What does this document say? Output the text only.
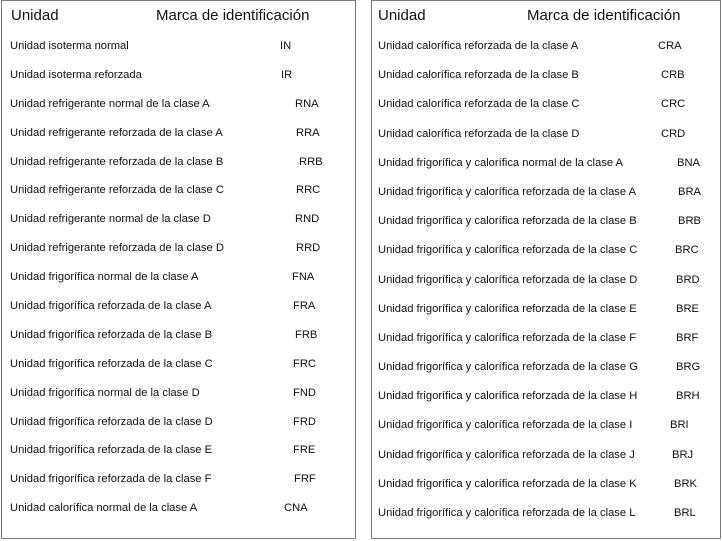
Unidad	Marca de identificación
Unidad isoterma normal	IN
Unidad isoterma reforzada	IR
Unidad refrigerante normal de la clase A	RNA
Unidad refrigerante reforzada de la clase A	RRA
Unidad refrigerante reforzada de la clase B	RRB
Unidad refrigerante reforzada de la clase C	RRC
Unidad refrigerante normal de la clase D	RND
Unidad refrigerante reforzada de la clase D	RRD
Unidad frigorífica normal de la clase A	FNA
Unidad frigorífica reforzada de la clase A	FRA
Unidad frigorífica reforzada de la clase B	FRB
Unidad frigorífica reforzada de la clase C	FRC
Unidad frigorífica normal de la clase D	FND
Unidad frigorífica reforzada de la clase D	FRD
Unidad frigorífica reforzada de la clase E	FRE
Unidad frigorífica reforzada de la clase F	FRF
Unidad calorífica normal de la clase A	CNA
Unidad	Marca de identificación
Unidad calorífica reforzada de la clase A	CRA
Unidad calorífica reforzada de la clase B	CRB
Unidad calorífica reforzada de la clase C	CRC
Unidad calorífica reforzada de la clase D	CRD
Unidad frigorífica y calorífica normal de la clase A	BNA
Unidad frigorífica y calorífica reforzada de la clase A	BRA
Unidad frigorífica y calorífica reforzada de la clase B	BRB
Unidad frigorífica y calorífica reforzada de la clase C	BRC
Unidad frigorífica y calorífica reforzada de la clase D	BRD
Unidad frigorífica y calorífica reforzada de la clase E	BRE
Unidad frigorífica y calorífica reforzada de la clase F	BRF
Unidad frigorífica y calorífica reforzada de la clase G	BRG
Unidad frigorífica y calorífica reforzada de la clase H	BRH
Unidad frigorífica y calorífica reforzada de la clase I	BRI
Unidad frigorífica y calorífica reforzada de la clase J	BRJ
Unidad frigorífica y calorífica reforzada de la clase K	BRK
Unidad frigorífica y calorífica reforzada de la clase L	BRL
